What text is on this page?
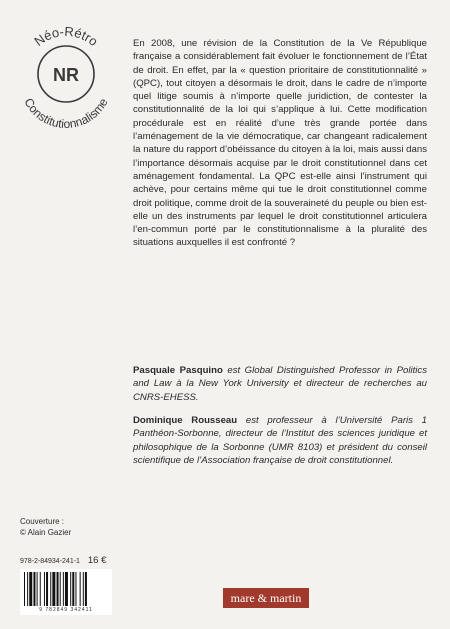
Néo-Rétro
Constitutionnalisme
NR

En 2008, une révision de la Constitution de la Ve République française a considérablement fait évoluer le fonctionnement de l’État de droit. En effet, par la « question prioritaire de constitutionnalité » (QPC), tout citoyen a désormais le droit, dans le cadre de n’importe quel litige soumis à n’importe quelle juridiction, de contester la constitutionnalité de la loi qui s’applique à lui. Cette modification procédurale est en réalité d’une très grande portée dans l’aménagement de la vie démocratique, car changeant radicalement la nature du rapport d’obéissance du citoyen à la loi, mais aussi dans l’importance désormais acquise par le droit constitutionnel dans cet aménagement fondamental. La QPC est-elle ainsi l’instrument qui achève, pour certains même qui tue le droit constitutionnel comme droit politique, comme droit de la souveraineté du peuple ou bien est-elle un des instruments par lequel le droit constitutionnel articulera l’en-commun porté par le constitutionnalisme à la pluralité des situations auxquelles il est confronté ?

Pasquale Pasquino est Global Distinguished Professor in Politics and Law à la New York University et directeur de recherches au CNRS-EHESS.

Dominique Rousseau est professeur à l’Université Paris 1 Panthéon-Sorbonne, directeur de l’Institut des sciences juridique et philosophique de la Sorbonne (UMR 8103) et président du conseil scientifique de l’Association française de droit constitutionnel.

Couverture :
© Alain Gazier
978-2-84934-241-1 16 €
9 782849 342411
mare & martin
